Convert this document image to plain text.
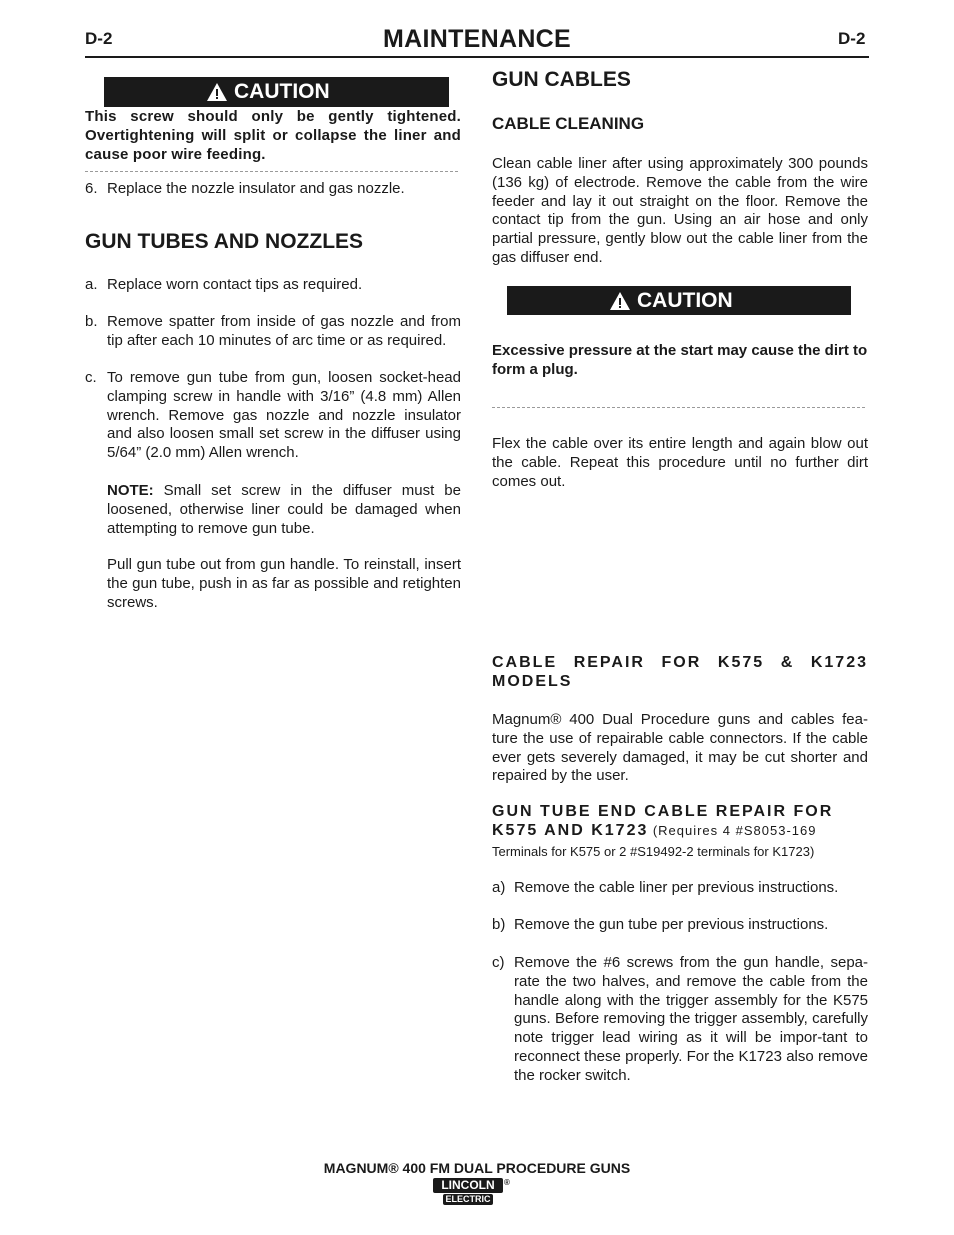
D-2	MAINTENANCE	D-2
CAUTION
This screw should only be gently tightened. Overtightening will split or collapse the liner and cause poor wire feeding.
6. Replace the nozzle insulator and gas nozzle.
GUN TUBES AND NOZZLES
a. Replace worn contact tips as required.
b. Remove spatter from inside of gas nozzle and from tip after each 10 minutes of arc time or as required.
c. To remove gun tube from gun, loosen socket-head clamping screw in handle with 3/16” (4.8 mm) Allen wrench. Remove gas nozzle and nozzle insulator and also loosen small set screw in the diffuser using 5/64” (2.0 mm) Allen wrench.
NOTE: Small set screw in the diffuser must be loosened, otherwise liner could be damaged when attempting to remove gun tube.
Pull gun tube out from gun handle. To reinstall, insert the gun tube, push in as far as possible and retighten screws.
GUN CABLES
CABLE CLEANING
Clean cable liner after using approximately 300 pounds (136 kg) of electrode. Remove the cable from the wire feeder and lay it out straight on the floor. Remove the contact tip from the gun. Using an air hose and only partial pressure, gently blow out the cable liner from the gas diffuser end.
CAUTION
Excessive pressure at the start may cause the dirt to form a plug.
Flex the cable over its entire length and again blow out the cable. Repeat this procedure until no further dirt comes out.
CABLE REPAIR FOR K575 & K1723 MODELS
Magnum® 400 Dual Procedure guns and cables fea-ture the use of repairable cable connectors. If the cable ever gets severely damaged, it may be cut shorter and repaired by the user.
GUN TUBE END CABLE REPAIR FOR K575 AND K1723 (Requires 4 #S8053-169
Terminals for K575 or 2 #S19492-2 terminals for K1723)
a) Remove the cable liner per previous instructions.
b) Remove the gun tube per previous instructions.
c) Remove the #6 screws from the gun handle, sepa-rate the two halves, and remove the cable from the handle along with the trigger assembly for the K575 guns. Before removing the trigger assembly, carefully note trigger lead wiring as it will be impor-tant to reconnect these properly. For the K1723 also remove the rocker switch.
MAGNUM® 400 FM DUAL PROCEDURE GUNS
LINCOLN	®
ELECTRIC
